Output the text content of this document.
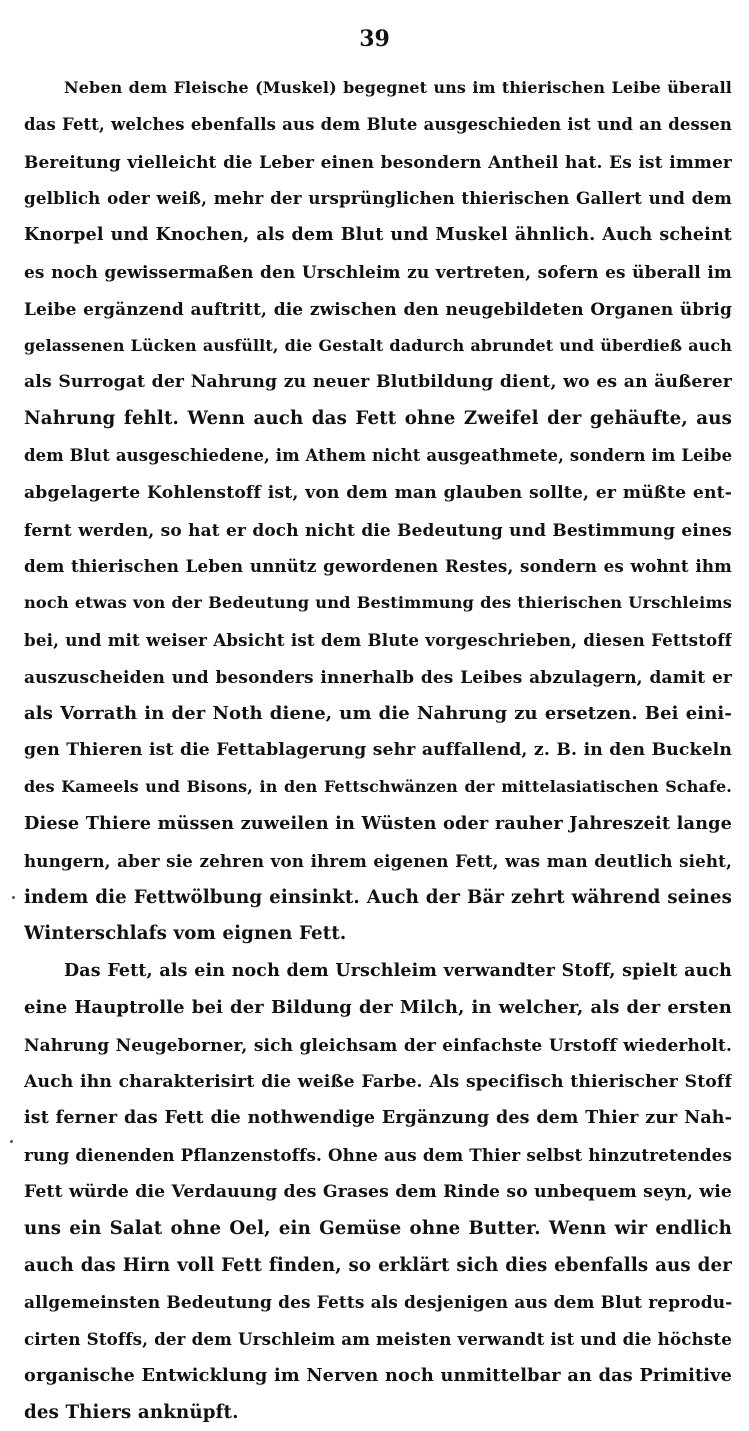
39
Neben dem Fleische (Muskel) begegnet uns im thierischen Leibe überall
das Fett, welches ebenfalls aus dem Blute ausgeschieden ist und an dessen
Bereitung vielleicht die Leber einen besondern Antheil hat. Es ist immer
gelblich oder weiß, mehr der ursprünglichen thierischen Gallert und dem
Knorpel und Knochen, als dem Blut und Muskel ähnlich. Auch scheint
es noch gewissermaßen den Urschleim zu vertreten, sofern es überall im
Leibe ergänzend auftritt, die zwischen den neugebildeten Organen übrig
gelassenen Lücken ausfüllt, die Gestalt dadurch abrundet und überdieß auch
als Surrogat der Nahrung zu neuer Blutbildung dient, wo es an äußerer
Nahrung fehlt. Wenn auch das Fett ohne Zweifel der gehäufte, aus
dem Blut ausgeschiedene, im Athem nicht ausgeathmete, sondern im Leibe
abgelagerte Kohlenstoff ist, von dem man glauben sollte, er müßte ent-
fernt werden, so hat er doch nicht die Bedeutung und Bestimmung eines
dem thierischen Leben unnütz gewordenen Restes, sondern es wohnt ihm
noch etwas von der Bedeutung und Bestimmung des thierischen Urschleims
bei, und mit weiser Absicht ist dem Blute vorgeschrieben, diesen Fettstoff
auszuscheiden und besonders innerhalb des Leibes abzulagern, damit er
als Vorrath in der Noth diene, um die Nahrung zu ersetzen. Bei eini-
gen Thieren ist die Fettablagerung sehr auffallend, z. B. in den Buckeln
des Kameels und Bisons, in den Fettschwänzen der mittelasiatischen Schafe.
Diese Thiere müssen zuweilen in Wüsten oder rauher Jahreszeit lange
hungern, aber sie zehren von ihrem eigenen Fett, was man deutlich sieht,
indem die Fettwölbung einsinkt. Auch der Bär zehrt während seines
Winterschlafs vom eignen Fett.
Das Fett, als ein noch dem Urschleim verwandter Stoff, spielt auch
eine Hauptrolle bei der Bildung der Milch, in welcher, als der ersten
Nahrung Neugeborner, sich gleichsam der einfachste Urstoff wiederholt.
Auch ihn charakterisirt die weiße Farbe. Als specifisch thierischer Stoff
ist ferner das Fett die nothwendige Ergänzung des dem Thier zur Nah-
rung dienenden Pflanzenstoffs. Ohne aus dem Thier selbst hinzutretendes
Fett würde die Verdauung des Grases dem Rinde so unbequem seyn, wie
uns ein Salat ohne Oel, ein Gemüse ohne Butter. Wenn wir endlich
auch das Hirn voll Fett finden, so erklärt sich dies ebenfalls aus der
allgemeinsten Bedeutung des Fetts als desjenigen aus dem Blut reprodu-
cirten Stoffs, der dem Urschleim am meisten verwandt ist und die höchste
organische Entwicklung im Nerven noch unmittelbar an das Primitive
des Thiers anknüpft.
